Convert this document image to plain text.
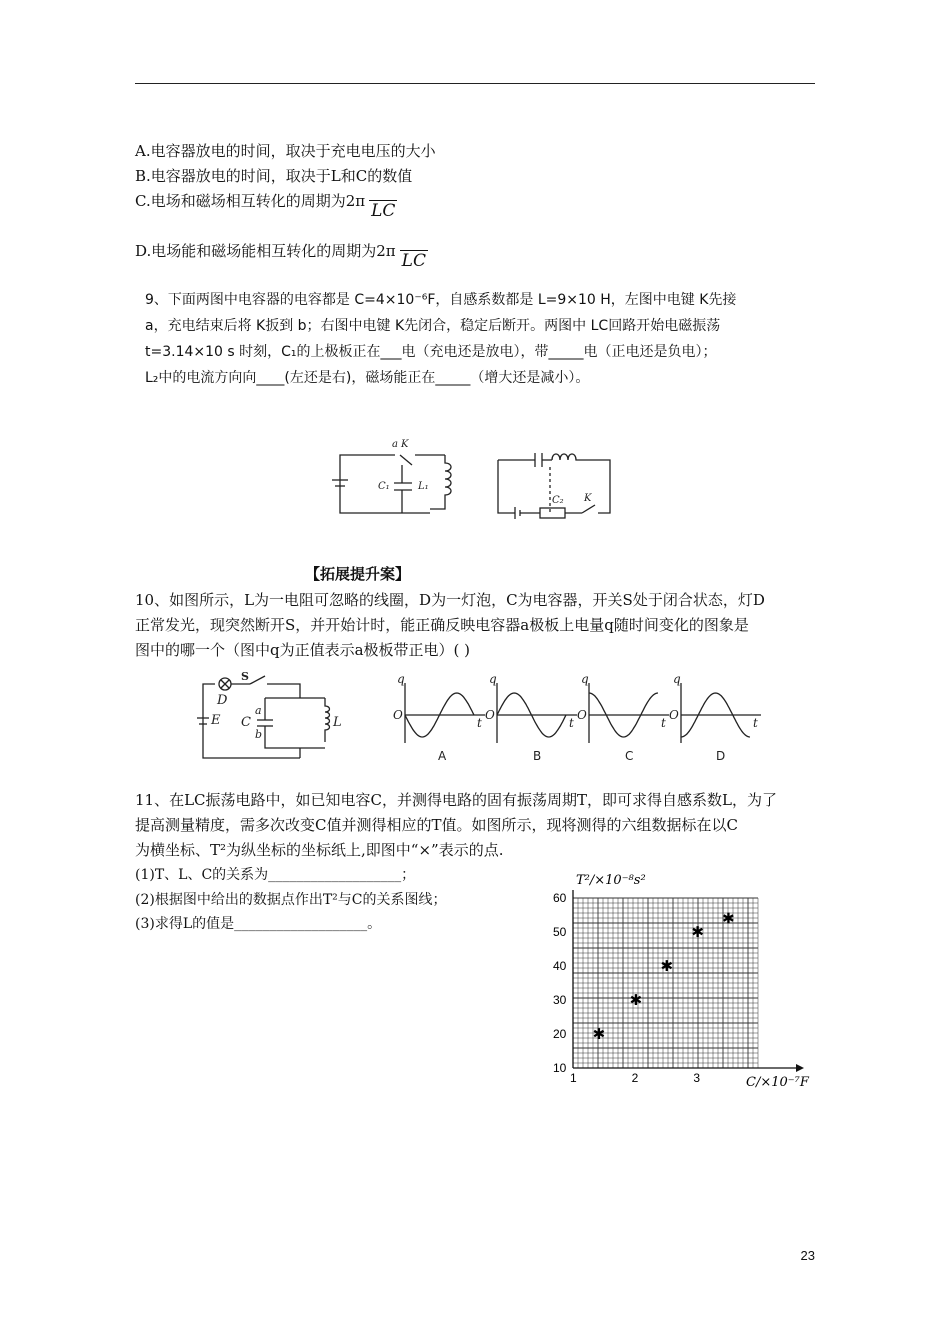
A.电容器放电的时间，取决于充电电压的大小
B.电容器放电的时间，取决于L和C的数值
C.电场和磁场相互转化的周期为2π LC
D.电场能和磁场能相互转化的周期为2π LC
9、下面两图中电容器的电容都是 C=4×10⁻⁶F，自感系数都是 L=9×10 H，左图中电键 K先接
a，充电结束后将 K扳到 b；右图中电键 K先闭合，稳定后断开。两图中 LC回路开始电磁振荡
t=3.14×10 s 时刻，C₁的上极板正在___电（充电还是放电），带_____电（正电还是负电）；
L₂中的电流方向向____(左还是右)，磁场能正在_____（增大还是减小）。
a K
C₁	L₁
C₂ K
【拓展提升案】
10、如图所示，L为一电阻可忽略的线圈，D为一灯泡，C为电容器，开关S处于闭合状态，灯D
正常发光，现突然断开S，并开始计时，能正确反映电容器a极板上电量q随时间变化的图象是
图中的哪一个（图中q为正值表示a极板带正电）( )
D
E C
a
b
L
S	q
t
O
q
t
O
q
t
O
q
t
O
A	B	C	D
11、在LC振荡电路中，如已知电容C，并测得电路的固有振荡周期T，即可求得自感系数L，为了
提高测量精度，需多次改变C值并测得相应的T值。如图所示，现将测得的六组数据标在以C
为横坐标、T²为纵坐标的坐标纸上,即图中“×”表示的点.
(1)T、L、C的关系为___________________；
(2)根据图中给出的数据点作出T²与C的关系图线；
(3)求得L的值是___________________。
10
20
30
40
50
60
1	2	3
✱
✱
✱
✱
✱
T²/×10⁻⁸s²
C/×10⁻⁷F
23
